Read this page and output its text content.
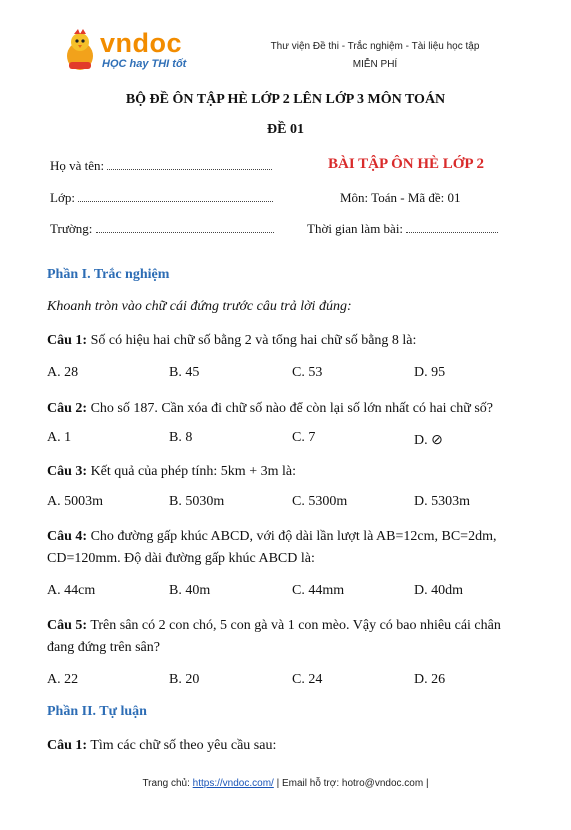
vndoc
HỌC hay THI tốt
Thư viện Đề thi - Trắc nghiệm - Tài liệu học tập
MIỄN PHÍ
BỘ ĐỀ ÔN TẬP HÈ LỚP 2 LÊN LỚP 3 MÔN TOÁN
ĐỀ 01
Họ và tên:	BÀI TẬP ÔN HÈ LỚP 2
Lớp:	Môn: Toán - Mã đề: 01
Trường:	Thời gian làm bài:
Phần I. Trắc nghiệm
Khoanh tròn vào chữ cái đứng trước câu trả lời đúng:
Câu 1: Số có hiệu hai chữ số bằng 2 và tổng hai chữ số bằng 8 là:
A. 28	B. 45	C. 53	D. 95
Câu 2: Cho số 187. Cần xóa đi chữ số nào để còn lại số lớn nhất có hai chữ số?
A. 1	B. 8	C. 7	D. ⊘
Câu 3: Kết quả của phép tính: 5km + 3m là:
A. 5003m	B. 5030m	C. 5300m	D. 5303m
Câu 4: Cho đường gấp khúc ABCD, với độ dài lần lượt là AB=12cm, BC=2dm,
CD=120mm. Độ dài đường gấp khúc ABCD là:
A. 44cm	B. 40m	C. 44mm	D. 40dm
Câu 5: Trên sân có 2 con chó, 5 con gà và 1 con mèo. Vậy có bao nhiêu cái chân
đang đứng trên sân?
A. 22	B. 20	C. 24	D. 26
Phần II. Tự luận
Câu 1: Tìm các chữ số theo yêu cầu sau:
Trang chủ: https://vndoc.com/ | Email hỗ trợ: hotro@vndoc.com |
